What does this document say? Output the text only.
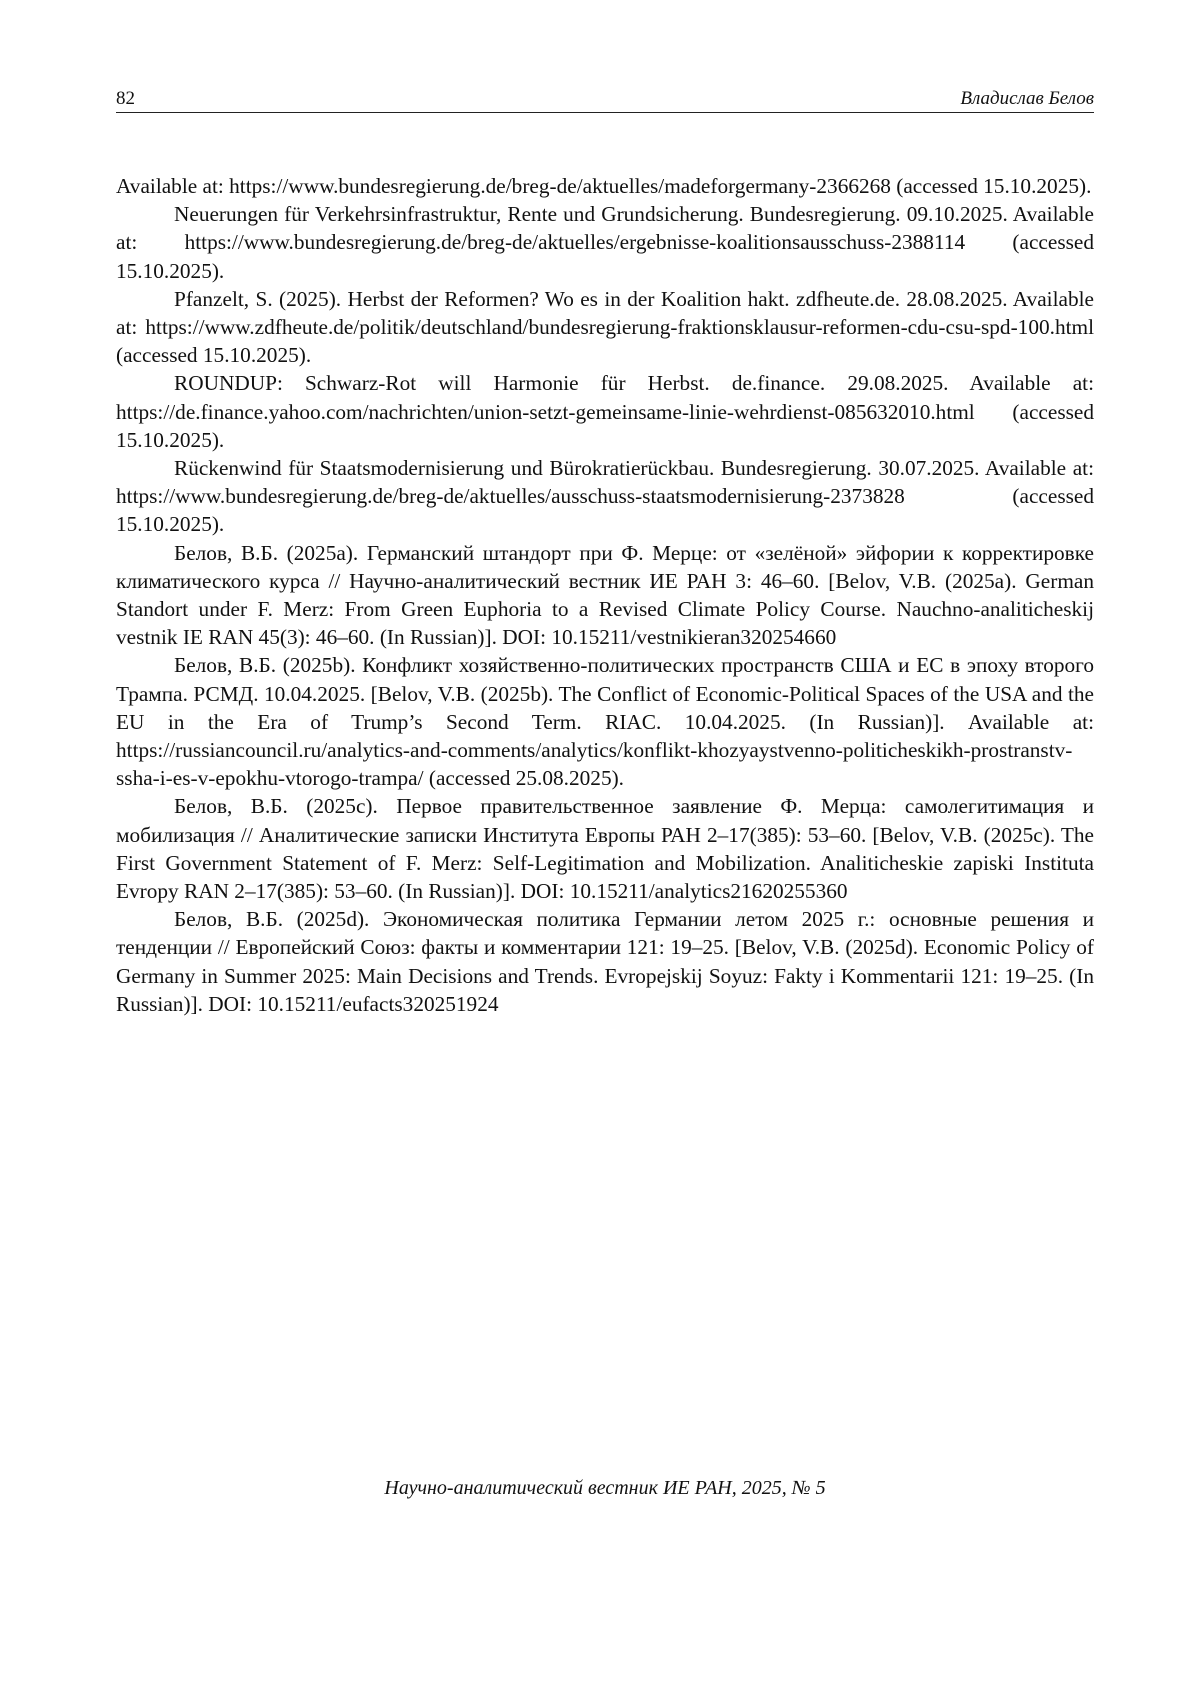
82	Владислав Белов

Available at: https://www.bundesregierung.de/breg-de/aktuelles/madeforgermany-2366268 (accessed 15.10.2025).

Neuerungen für Verkehrsinfrastruktur, Rente und Grundsicherung. Bundesregierung. 09.10.2025. Available at: https://www.bundesregierung.de/breg-de/aktuelles/ergebnisse-koalitionsausschuss-2388114 (accessed 15.10.2025).

Pfanzelt, S. (2025). Herbst der Reformen? Wo es in der Koalition hakt. zdfheute.de. 28.08.2025. Available at: https://www.zdfheute.de/politik/deutschland/bundesregierung-fraktionsklausur-reformen-cdu-csu-spd-100.html (accessed 15.10.2025).

ROUNDUP: Schwarz-Rot will Harmonie für Herbst. de.finance. 29.08.2025. Available at: https://de.finance.yahoo.com/nachrichten/union-setzt-gemeinsame-linie-wehrdienst-085632010.html (accessed 15.10.2025).

Rückenwind für Staatsmodernisierung und Bürokratierückbau. Bundesregierung. 30.07.2025. Available at: https://www.bundesregierung.de/breg-de/aktuelles/ausschuss-staatsmodernisierung-2373828 (accessed 15.10.2025).

Белов, В.Б. (2025a). Германский штандорт при Ф. Мерце: от «зелёной» эйфории к корректировке климатического курса // Научно-аналитический вестник ИЕ РАН 3: 46–60. [Belov, V.B. (2025a). German Standort under F. Merz: From Green Euphoria to a Revised Climate Policy Course. Nauchno-analiticheskij vestnik IE RAN 45(3): 46–60. (In Russian)]. DOI: 10.15211/vestnikieran320254660

Белов, В.Б. (2025b). Конфликт хозяйственно-политических пространств США и ЕС в эпоху второго Трампа. РСМД. 10.04.2025. [Belov, V.B. (2025b). The Conflict of Economic-Political Spaces of the USA and the EU in the Era of Trump’s Second Term. RIAC. 10.04.2025. (In Russian)]. Available at: https://russiancouncil.ru/analytics-and-comments/analytics/konflikt-khozyaystvenno-politicheskikh-prostranstv-ssha-i-es-v-epokhu-vtorogo-trampa/ (accessed 25.08.2025).

Белов, В.Б. (2025c). Первое правительственное заявление Ф. Мерца: самолегитимация и мобилизация // Аналитические записки Института Европы РАН 2–17(385): 53–60. [Belov, V.B. (2025c). The First Government Statement of F. Merz: Self-Legitimation and Mobilization. Analiticheskie zapiski Instituta Evropy RAN 2–17(385): 53–60. (In Russian)]. DOI: 10.15211/analytics21620255360

Белов, В.Б. (2025d). Экономическая политика Германии летом 2025 г.: основные решения и тенденции // Европейский Союз: факты и комментарии 121: 19–25. [Belov, V.B. (2025d). Economic Policy of Germany in Summer 2025: Main Decisions and Trends. Evropejskij Soyuz: Fakty i Kommentarii 121: 19–25. (In Russian)]. DOI: 10.15211/eufacts320251924

Научно-аналитический вестник ИЕ РАН, 2025, № 5
